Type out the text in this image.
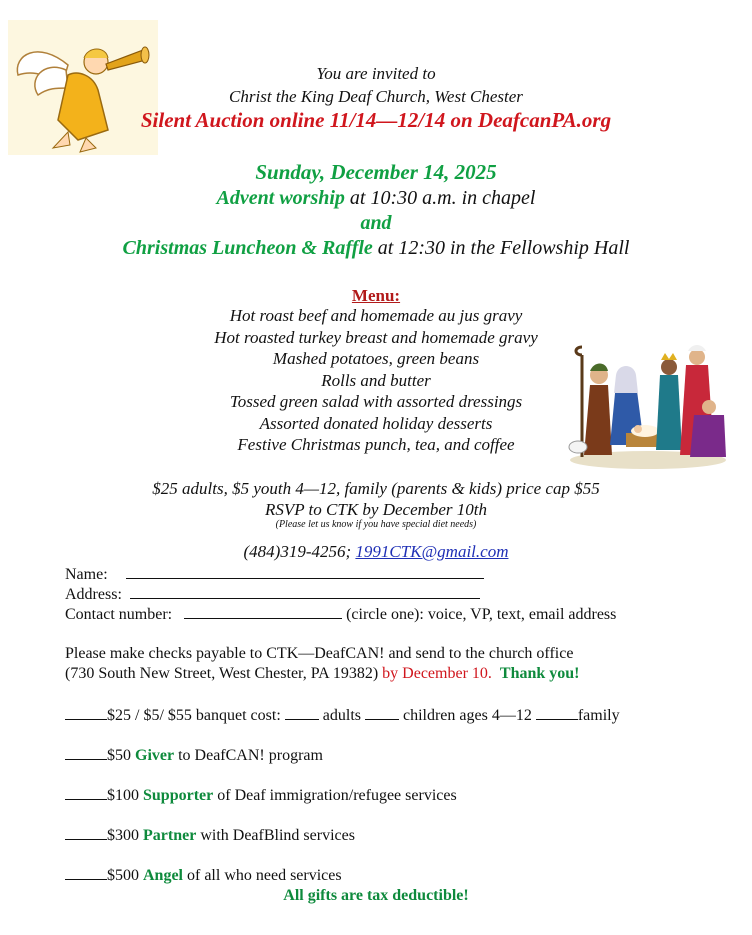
You are invited to
Christ the King Deaf Church, West Chester
Silent Auction online 11/14—12/14 on DeafcanPA.org
Sunday, December 14, 2025
Advent worship at 10:30 a.m. in chapel
and
Christmas Luncheon & Raffle at 12:30 in the Fellowship Hall
Menu:
Hot roast beef and homemade au jus gravy
Hot roasted turkey breast and homemade gravy
Mashed potatoes, green beans
Rolls and butter
Tossed green salad with assorted dressings
Assorted donated holiday desserts
Festive Christmas punch, tea, and coffee
$25 adults, $5 youth 4—12, family (parents & kids) price cap $55
RSVP to CTK by December 10th
(Please let us know if you have special diet needs)
(484)319-4256; 1991CTK@gmail.com
Name:
Address:
Contact number:	(circle one): voice, VP, text, email address
Please make checks payable to CTK—DeafCAN! and send to the church office
(730 South New Street, West Chester, PA 19382) by December 10. Thank you!
$25 / $5/ $55 banquet cost:  adults  children ages 4—12	family
$50 Giver to DeafCAN! program
$100 Supporter of Deaf immigration/refugee services
$300 Partner with DeafBlind services
$500 Angel of all who need services
All gifts are tax deductible!
